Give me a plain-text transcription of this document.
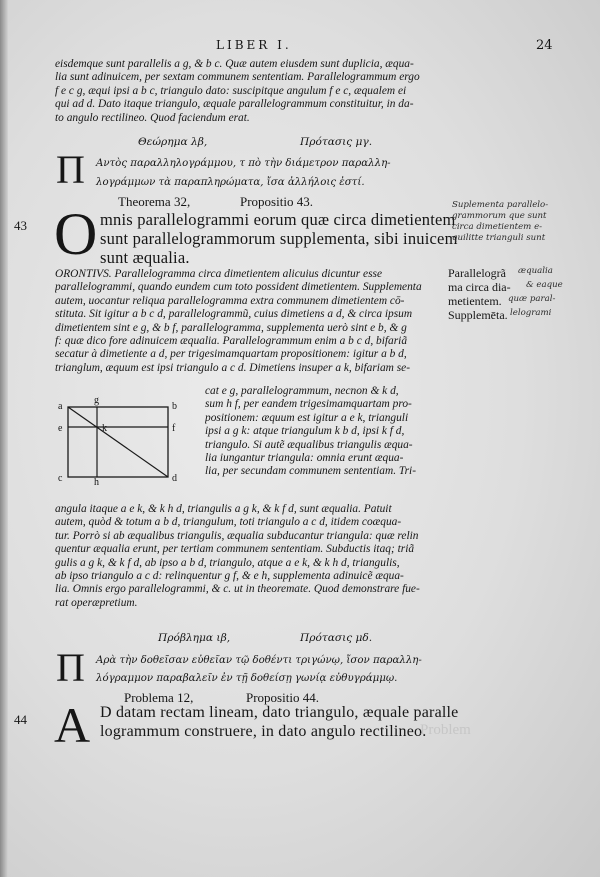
LIBER I.	24
eisdemque sunt parallelis a g, & b c. Quæ autem eiusdem sunt duplicia, æqua-
lia sunt adinuicem, per sextam communem sententiam. Parallelogrammum ergo
f e c g, æqui ipsi a b c, triangulo dato: suscipitque angulum f e c, æqualem ei
qui ad d. Dato itaque triangulo, æquale parallelogrammum constituitur, in da-
to angulo rectilineo. Quod faciendum erat.
Θεώρημα λβ,	Πρότασις μγ.
Π Αντὸς παραλληλογράμμου, τ πὸ τὴν διάμετρον παραλλη-
λογράμμων τὰ παραπληρώματα, ἴσα ἀλλήλοις ἐστί.
Theorema 32,	Propositio 43.
43 O mnis parallelogrammi eorum quæ circa dimetientem
sunt parallelogrammorum supplementa, sibi inuicem
sunt æqualia.
ORONTIVS. Parallelogramma circa dimetientem alicuius dicuntur esse
parallelogrammi, quando eundem cum toto possident dimetientem. Supplementa
autem, uocantur reliqua parallelogramma extra communem dimetientem cō-
stituta. Sit igitur a b c d, parallelogrammũ, cuius dimetiens a d, & circa ipsum
dimetientem sint e g, & b f, parallelogramma, supplementa uerò sint e b, & g
f: quæ dico fore adinuicem æqualia. Parallelogrammum enim a b c d, bifariã
secatur à dimetiente a d, per trigesimamquartam propositionem: igitur a b d,
trianglum, æquum est ipsi triangulo a c d. Dimetiens insuper a k, bifariam se-
a
g
b
e	k	f
c	h	d
cat e g, parallelogrammum, necnon & k d,
sum h f, per eandem trigesimamquartam pro-
positionem: æquum est igitur a e k, trianguli
ipsi a g k: atque triangulum k b d, ipsi k f d,
triangulo. Si autẽ æqualibus triangulis æqua-
lia iungantur triangula: omnia erunt æqua-
lia, per secundam communem sententiam. Tri-
angula itaque a e k, & k h d, triangulis a g k, & k f d, sunt æqualia. Patuit
autem, quòd & totum a b d, triangulum, toti triangulo a c d, itidem coæqua-
tur. Porrò si ab æqualibus triangulis, æqualia subducantur triangula: quæ relin
quentur æqualia erunt, per tertiam communem sententiam. Subductis itaq; triã
gulis a g k, & k f d, ab ipso a b d, triangulo, atque a e k, & k h d, triangulis,
ab ipso triangulo a c d: relinquentur g f, & e h, supplementa adinuicẽ æqua-
lia. Omnis ergo parallelogrammi, & c. ut in theoremate. Quod demonstrare fue-
rat operæpretium.
Πρόβλημα ιβ,	Πρότασις μδ.
Π Αρὰ τὴν δοθεῖσαν εὐθεῖαν τῷ δοθέντι τριγώνῳ, ἴσον παραλλη-
λόγραμμον παραβαλεῖν ἐν τῇ δοθείσῃ γωνίᾳ εὐθυγράμμῳ.
Problema 12,	Propositio 44.
44 A D datam rectam lineam, dato triangulo, æquale paralle
logrammum construere, in dato angulo rectilineo.
Suplementa parallelo-
grammorum que sunt
circa dimetientem e-
quilitte trianguli sunt
Parallelogrã
ma circa dia-
metientem.
Supplemēta.
æqualia
& eaque
quæ paral-
lelogrami
Problem
